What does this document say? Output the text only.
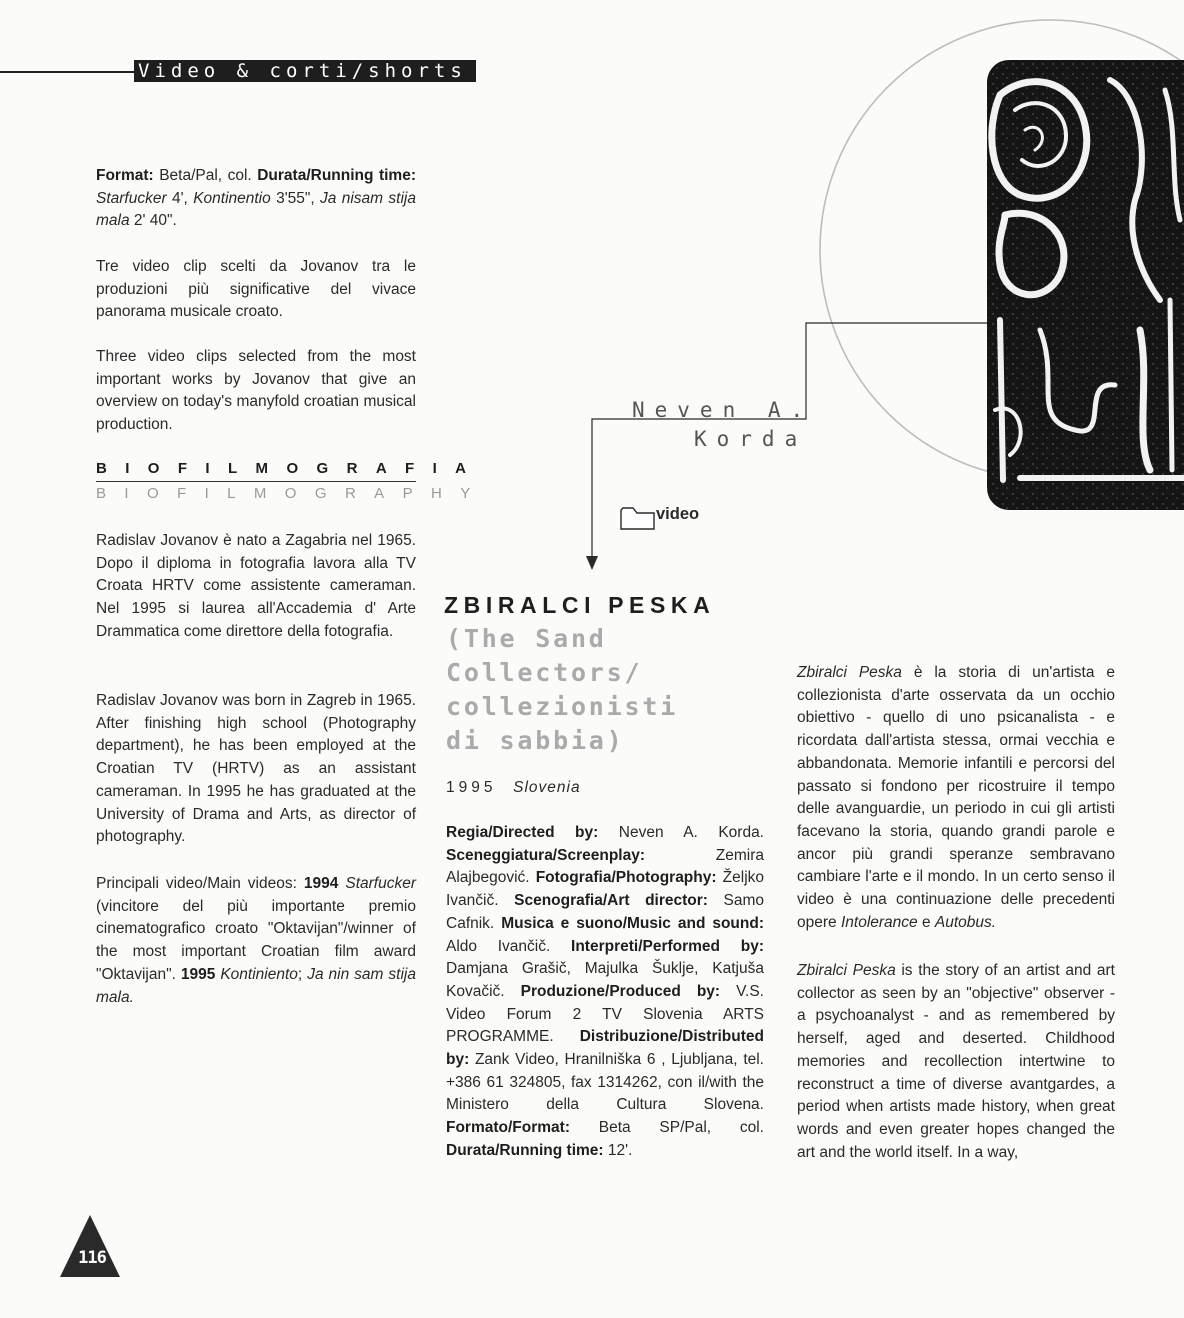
Video & corti/shorts

Format: Beta/Pal, col. Durata/Running time: Starfucker 4', Kontinentio 3'55", Ja nisam stija mala 2' 40".

Tre video clip scelti da Jovanov tra le produzioni più significative del vivace panorama musicale croato.

Three video clips selected from the most important works by Jovanov that give an overview on today's manyfold croatian musical production.

BIOFILMOGRAFIA
BIOFILMOGRAPHY

Radislav Jovanov è nato a Zagabria nel 1965. Dopo il diploma in fotografia lavora alla TV Croata HRTV come assistente cameraman. Nel 1995 si laurea all'Accademia d' Arte Drammatica come direttore della fotografia.

Radislav Jovanov was born in Zagreb in 1965. After finishing high school (Photography department), he has been employed at the Croatian TV (HRTV) as an assistant cameraman. In 1995 he has graduated at the University of Drama and Arts, as director of photography.

Principali video/Main videos: 1994 Starfucker (vincitore del più importante premio cinematografico croato "Oktavijan"/winner of the most important Croatian film award "Oktavijan". 1995 Kontiniento; Ja nin sam stija mala.

Neven A.
Korda
video
ZBIRALCI PESKA
(The Sand
Collectors/
collezionisti
di sabbia)
1995 Slovenia

Regia/Directed by: Neven A. Korda. Sceneggiatura/Screenplay:	Zemira Alajbegović. Fotografia/Photography: Željko Ivančič. Scenografia/Art director: Samo Cafnik. Musica e suono/Music and sound: Aldo Ivančič. Interpreti/Performed by: Damjana Grašič, Majulka Šuklje, Katjuša Kovačič. Produzione/Produced by: V.S. Video Forum 2 TV Slovenia ARTS PROGRAMME. Distribuzione/Distributed by: Zank Video, Hranilniška 6 , Ljubljana, tel. +386 61 324805, fax 1314262, con il/with the Ministero della Cultura Slovena. Formato/Format: Beta SP/Pal, col. Durata/Running time: 12'.

Zbiralci Peska è la storia di un'artista e collezionista d'arte osservata da un occhio obiettivo - quello di uno psicanalista - e ricordata dall'artista stessa, ormai vecchia e abbandonata. Memorie infantili e percorsi del passato si fondono per ricostruire il tempo delle avanguardie, un periodo in cui gli artisti facevano la storia, quando grandi parole e ancor più grandi speranze sembravano cambiare l'arte e il mondo. In un certo senso il video è una continuazione delle precedenti opere Intolerance e Autobus.

Zbiralci Peska is the story of an artist and art collector as seen by an "objective" observer - a psychoanalyst - and as remembered by herself, aged and deserted. Childhood memories and recollection intertwine to reconstruct a time of diverse avantgardes, a period when artists made history, when great words and even greater hopes changed the art and the world itself. In a way,

116
